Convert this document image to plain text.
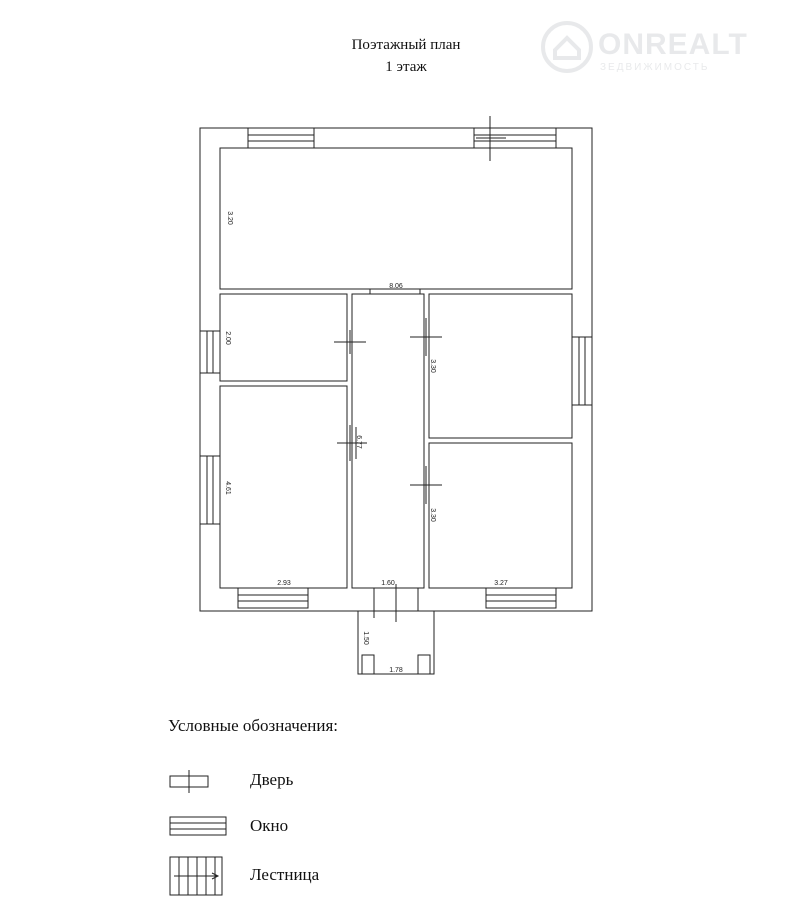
Поэтажный план
1 этаж
ONREALT
ЗЕДВИЖИМОСТЬ
3.20
8.06
2.00
3.30
6.77
4.61
3.30
2.93	1.60	3.27
1.50
1.78
Условные обозначения:
Дверь
Окно
Лестница
